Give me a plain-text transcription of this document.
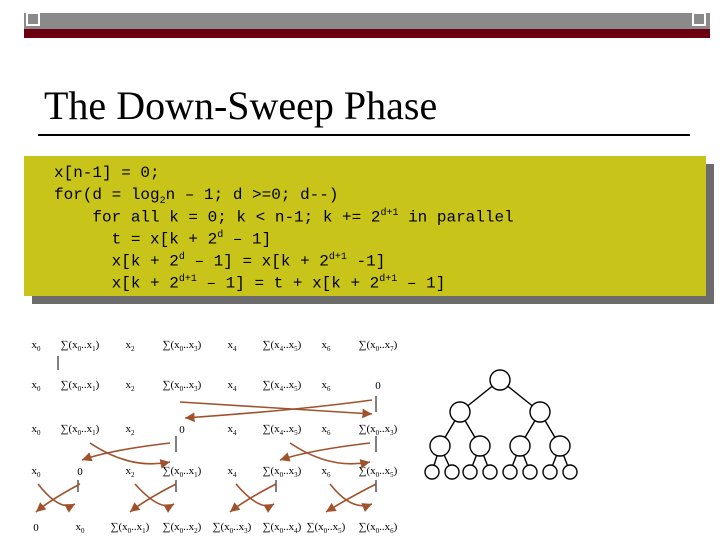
The Down-Sweep Phase
x[n-1] = 0;
$for(d = \log_2n - 1$; d >=0; d--)
for all k = 0; k < n-1; $k += 2^{d+1}$ in parallel
$t = x[k + 2^d - 1]$
$x[k + 2^d - 1] = x[k + 2^{d+1}$ -1]
$x[k + 2^{d+1} - 1] = t + x[k + 2^{d+1} - 1]$
$x_0$ $\sum(x_0..x_1)$ $x_2$	$\sum(x_0..x_3)$ $x_4$ $\sum(x_4..x_5)$ $x_6$	$\sum(x_0..x_7)$
$x_0$ $\sum(x_0..x_1)$ $x_2$	$\sum(x_0..x_3)$ $x_4$ $\sum(x_4..x_5)$ $x_6$	0
$x_0$ $\sum(x_0..x_1)$ $x_2$	0	$x_4$ $\sum(x_4..x_5)$ $x_6$	$\sum(x_0..x_3)$
$x_0$	0	$x_2$	$\sum(x_0..x_1)$ $x_4$ $\sum(x_0..x_3)$ $x_6$	$\sum(x_0..x_5)$
0	$x_0$ $\sum(x_0..x_1)$ $\sum(x_0..x_2)$ $\sum(x_0..x_3)$ $\sum(x_0..x_4)$ $\sum(x_0..x_5)$ $\sum(x_0..x_6)$
